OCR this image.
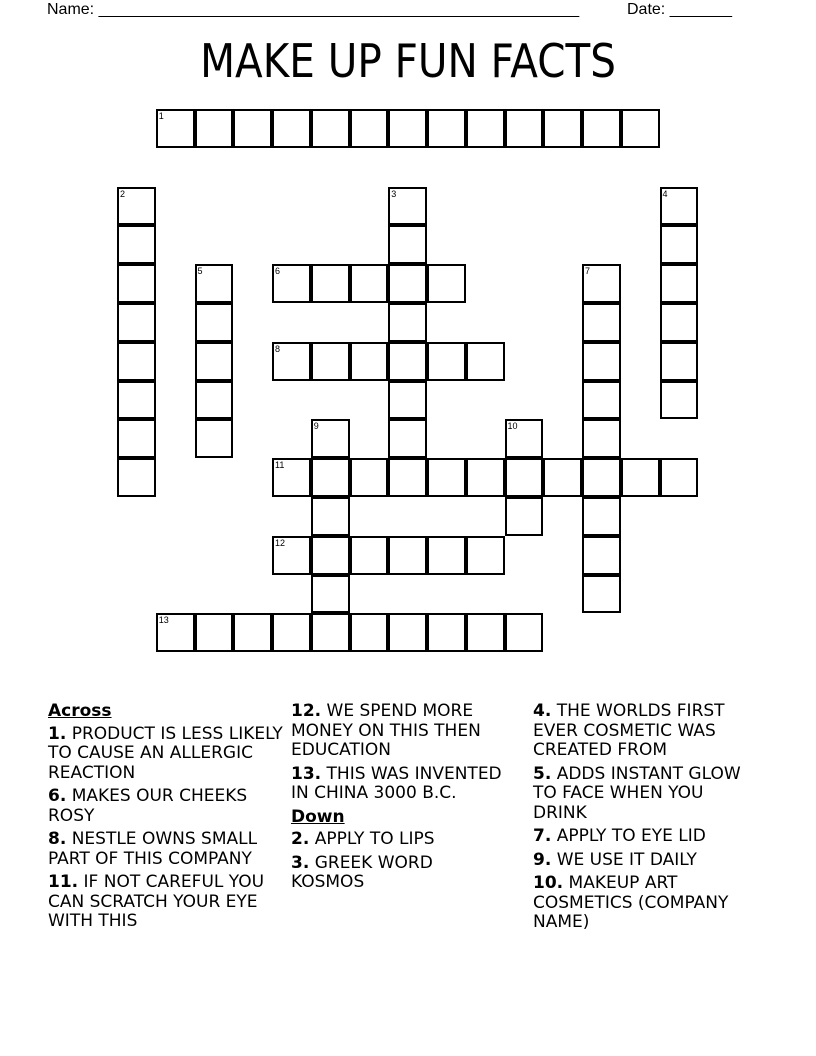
Name: ______________________________________________________	Date: _______
MAKE UP FUN FACTS
1
2	3	4
5	6	7
8
9	10
11
12
13
Across
1. PRODUCT IS LESS LIKELY TO CAUSE AN ALLERGIC REACTION
6. MAKES OUR CHEEKS ROSY
8. NESTLE OWNS SMALL PART OF THIS COMPANY
11. IF NOT CAREFUL YOU CAN SCRATCH YOUR EYE WITH THIS
12. WE SPEND MORE MONEY ON THIS THEN EDUCATION
13. THIS WAS INVENTED IN CHINA 3000 B.C.
Down
2. APPLY TO LIPS
3. GREEK WORD KOSMOS
4. THE WORLDS FIRST EVER COSMETIC WAS CREATED FROM
5. ADDS INSTANT GLOW TO FACE WHEN YOU DRINK
7. APPLY TO EYE LID
9. WE USE IT DAILY
10. MAKEUP ART COSMETICS (COMPANY NAME)
